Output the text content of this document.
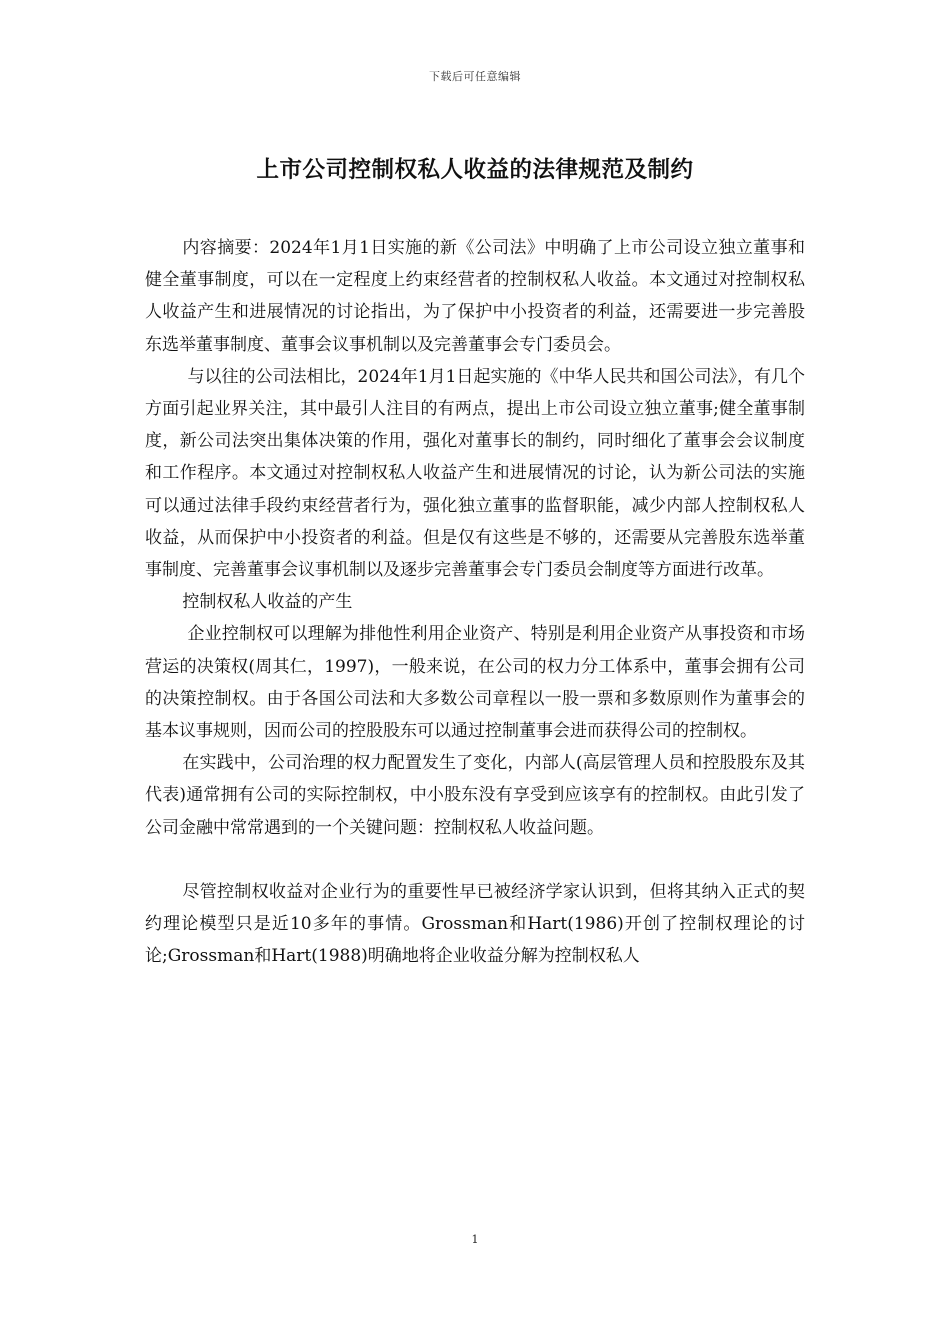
下载后可任意编辑
上市公司控制权私人收益的法律规范及制约

内容摘要：2024年1月1日实施的新《公司法》中明确了上市公司设立独立董事和健全董事制度，可以在一定程度上约束经营者的控制权私人收益。本文通过对控制权私人收益产生和进展情况的讨论指出，为了保护中小投资者的利益，还需要进一步完善股东选举董事制度、董事会议事机制以及完善董事会专门委员会。

与以往的公司法相比，2024年1月1日起实施的《中华人民共和国公司法》，有几个方面引起业界关注，其中最引人注目的有两点，提出上市公司设立独立董事;健全董事制度，新公司法突出集体决策的作用，强化对董事长的制约，同时细化了董事会会议制度和工作程序。本文通过对控制权私人收益产生和进展情况的讨论，认为新公司法的实施可以通过法律手段约束经营者行为，强化独立董事的监督职能，减少内部人控制权私人收益，从而保护中小投资者的利益。但是仅有这些是不够的，还需要从完善股东选举董事制度、完善董事会议事机制以及逐步完善董事会专门委员会制度等方面进行改革。

控制权私人收益的产生

企业控制权可以理解为排他性利用企业资产、特别是利用企业资产从事投资和市场营运的决策权(周其仁，1997)，一般来说，在公司的权力分工体系中，董事会拥有公司的决策控制权。由于各国公司法和大多数公司章程以一股一票和多数原则作为董事会的基本议事规则，因而公司的控股股东可以通过控制董事会进而获得公司的控制权。

在实践中，公司治理的权力配置发生了变化，内部人(高层管理人员和控股股东及其代表)通常拥有公司的实际控制权，中小股东没有享受到应该享有的控制权。由此引发了公司金融中常常遇到的一个关键问题：控制权私人收益问题。

尽管控制权收益对企业行为的重要性早已被经济学家认识到，但将其纳入正式的契约理论模型只是近10多年的事情。Grossman和Hart(1986)开创了控制权理论的讨论;Grossman和Hart(1988)明确地将企业收益分解为控制权私人

1
